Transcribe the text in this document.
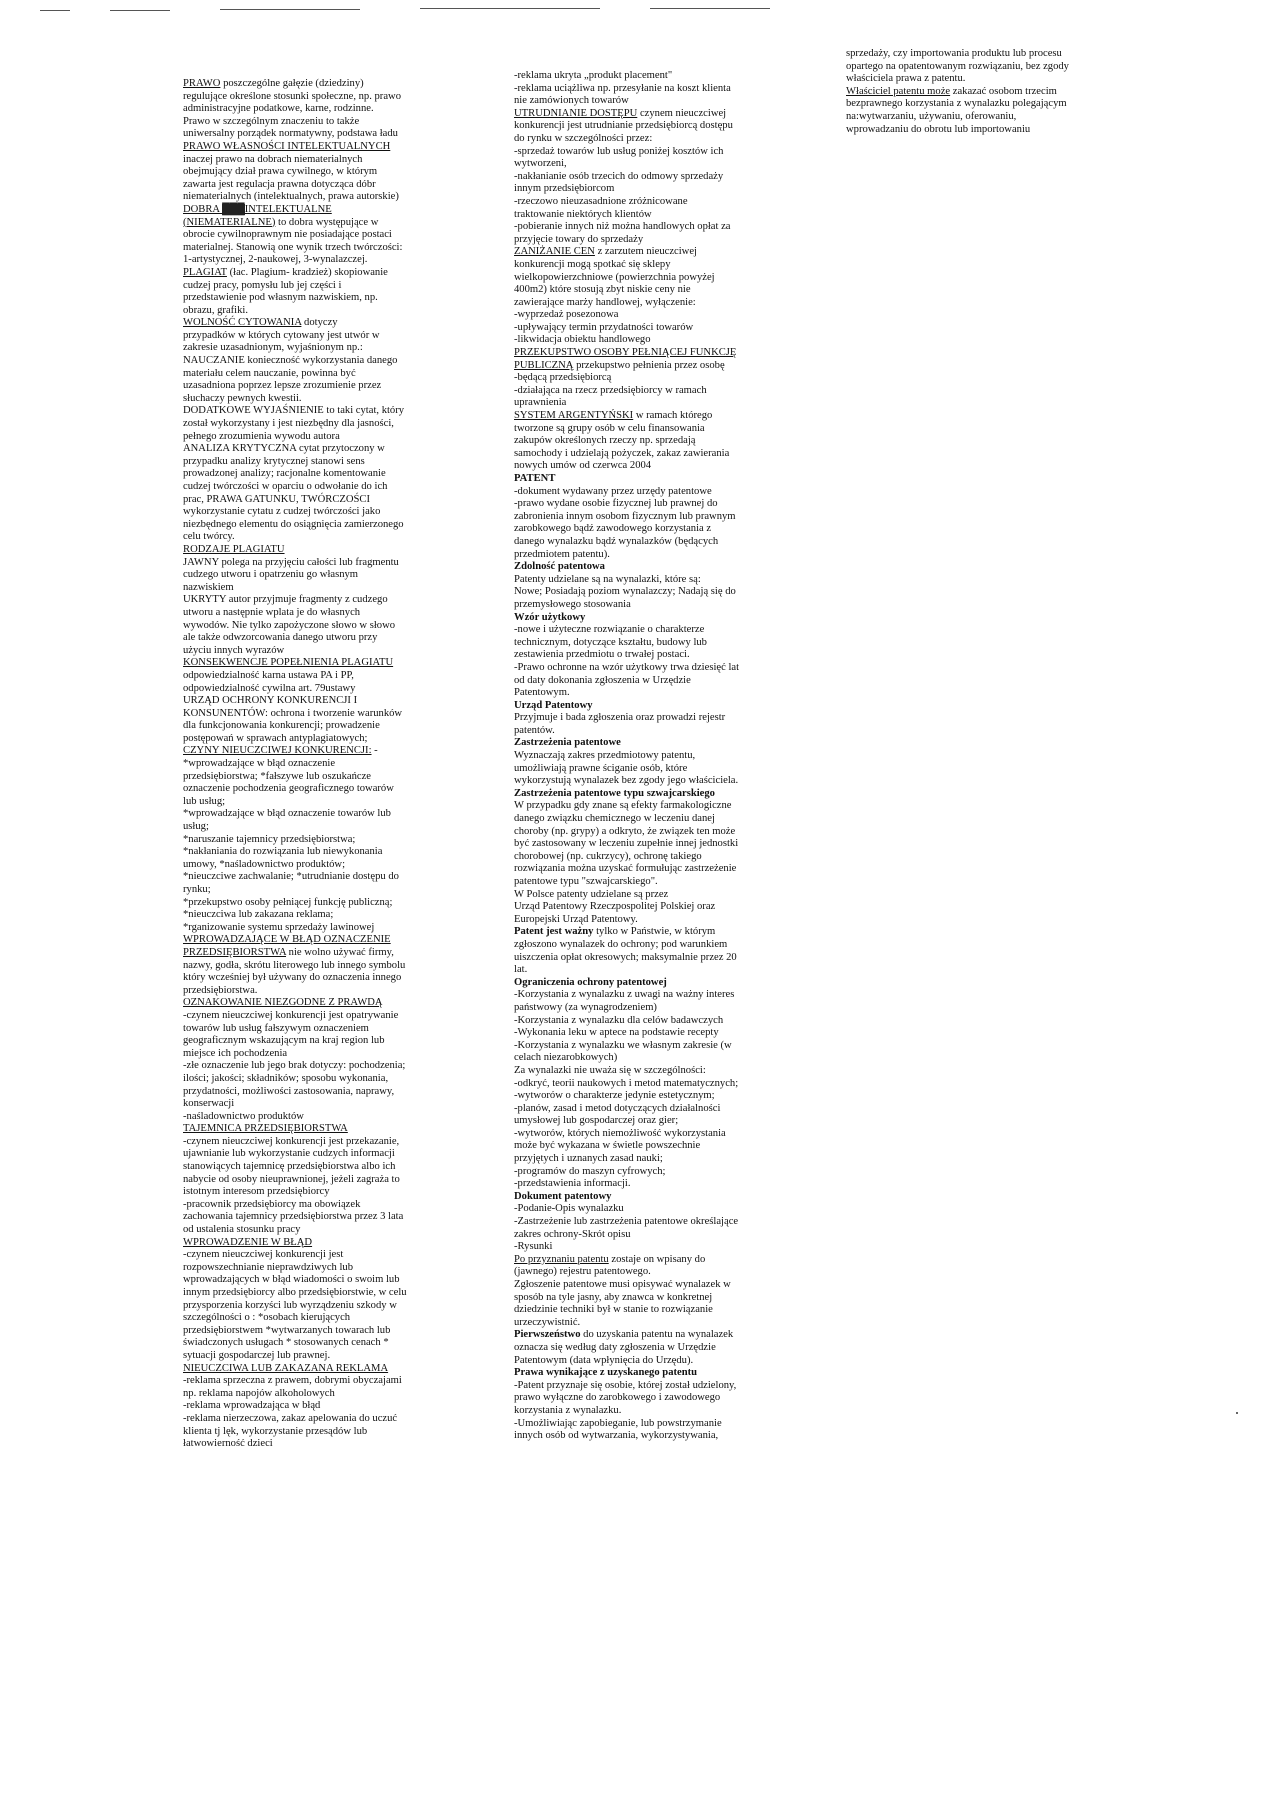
PRAWO poszczególne gałęzie (dziedziny)

regulujące określone stosunki społeczne, np. prawo

administracyjne podatkowe, karne, rodzinne.

Prawo w szczególnym znaczeniu to także

uniwersalny porządek normatywny, podstawa ładu

PRAWO WŁASNOŚCI INTELEKTUALNYCH

inaczej prawo na dobrach niematerialnych

obejmujący dział prawa cywilnego, w którym

zawarta jest regulacja prawna dotycząca dóbr

niematerialnych (intelektualnych, prawa autorskie)

DOBRA ███INTELEKTUALNE

(NIEMATERIALNE) to dobra występujące w

obrocie cywilnoprawnym nie posiadające postaci

materialnej. Stanowią one wynik trzech twórczości:

1-artystycznej, 2-naukowej, 3-wynalazczej.

PLAGIAT (łac. Plagium- kradzież) skopiowanie

cudzej pracy, pomysłu lub jej części i

przedstawienie pod własnym nazwiskiem, np.

obrazu, grafiki.

WOLNOŚĆ CYTOWANIA dotyczy

przypadków w których cytowany jest utwór w

zakresie uzasadnionym, wyjaśnionym np.:

NAUCZANIE konieczność wykorzystania danego

materiału celem nauczanie, powinna być

uzasadniona poprzez lepsze zrozumienie przez

słuchaczy pewnych kwestii.

DODATKOWE WYJAŚNIENIE to taki cytat, który

został wykorzystany i jest niezbędny dla jasności,

pełnego zrozumienia wywodu autora

ANALIZA KRYTYCZNA cytat przytoczony w

przypadku analizy krytycznej stanowi sens

prowadzonej analizy; racjonalne komentowanie

cudzej twórczości w oparciu o odwołanie do ich

prac, PRAWA GATUNKU, TWÓRCZOŚCI

wykorzystanie cytatu z cudzej twórczości jako

niezbędnego elementu do osiągnięcia zamierzonego

celu twórcy.

RODZAJE PLAGIATU

JAWNY polega na przyjęciu całości lub fragmentu

cudzego utworu i opatrzeniu go własnym

nazwiskiem

UKRYTY autor przyjmuje fragmenty z cudzego

utworu a następnie wplata je do własnych

wywodów. Nie tylko zapożyczone słowo w słowo

ale także odwzorcowania danego utworu przy

użyciu innych wyrazów

KONSEKWENCJE POPEŁNIENIA PLAGIATU

odpowiedzialność karna ustawa PA i PP,

odpowiedzialność cywilna art. 79ustawy

URZĄD OCHRONY KONKURENCJI I

KONSUNENTÓW: ochrona i tworzenie warunków

dla funkcjonowania konkurencji; prowadzenie

postępowań w sprawach antyplagiatowych;

CZYNY NIEUCZCIWEJ KONKURENCJI: -

*wprowadzające w błąd oznaczenie

przedsiębiorstwa; *fałszywe lub oszukańcze

oznaczenie pochodzenia geograficznego towarów

lub usług;

*wprowadzające w błąd oznaczenie towarów lub

usług;

*naruszanie tajemnicy przedsiębiorstwa;

*nakłaniania do rozwiązania lub niewykonania

umowy, *naśladownictwo produktów;

*nieuczciwe zachwalanie; *utrudnianie dostępu do

rynku;

*przekupstwo osoby pełniącej funkcję publiczną;

*nieuczciwa lub zakazana reklama;

*rganizowanie systemu sprzedaży lawinowej

WPROWADZAJĄCE W BŁĄD OZNACZENIE

PRZEDSIĘBIORSTWA nie wolno używać firmy,

nazwy, godła, skrótu literowego lub innego symbolu

który wcześniej był używany do oznaczenia innego

przedsiębiorstwa.

OZNAKOWANIE NIEZGODNE Z PRAWDĄ

-czynem nieuczciwej konkurencji jest opatrywanie

towarów lub usług fałszywym oznaczeniem

geograficznym wskazującym na kraj region lub

miejsce ich pochodzenia

-złe oznaczenie lub jego brak dotyczy: pochodzenia;

ilości; jakości; składników; sposobu wykonania,

przydatności, możliwości zastosowania, naprawy,

konserwacji

-naśladownictwo produktów

TAJEMNICA PRZEDSIĘBIORSTWA

-czynem nieuczciwej konkurencji jest przekazanie,

ujawnianie lub wykorzystanie cudzych informacji

stanowiących tajemnicę przedsiębiorstwa albo ich

nabycie od osoby nieuprawnionej, jeżeli zagraża to

istotnym interesom przedsiębiorcy

-pracownik przedsiębiorcy ma obowiązek

zachowania tajemnicy przedsiębiorstwa przez 3 lata

od ustalenia stosunku pracy

WPROWADZENIE W BŁĄD

-czynem nieuczciwej konkurencji jest

rozpowszechnianie nieprawdziwych lub

wprowadzających w błąd wiadomości o swoim lub

innym przedsiębiorcy albo przedsiębiorstwie, w celu

przysporzenia korzyści lub wyrządzeniu szkody w

szczególności o : *osobach kierujących

przedsiębiorstwem *wytwarzanych towarach lub

świadczonych usługach * stosowanych cenach *

sytuacji gospodarczej lub prawnej.

NIEUCZCIWA LUB ZAKAZANA REKLAMA

-reklama sprzeczna z prawem, dobrymi obyczajami

np. reklama napojów alkoholowych

-reklama wprowadzająca w błąd

-reklama nierzeczowa, zakaz apelowania do uczuć

klienta tj lęk, wykorzystanie przesądów lub

łatwowierność dzieci

-reklama ukryta „produkt placement"

-reklama uciążliwa np. przesyłanie na koszt klienta

nie zamówionych towarów

UTRUDNIANIE DOSTĘPU czynem nieuczciwej

konkurencji jest utrudnianie przedsiębiorcą dostępu

do rynku w szczególności przez:

-sprzedaż towarów lub usług poniżej kosztów ich

wytworzeni,

-nakłanianie osób trzecich do odmowy sprzedaży

innym przedsiębiorcom

-rzeczowo nieuzasadnione zróżnicowane

traktowanie niektórych klientów

-pobieranie innych niż można handlowych opłat za

przyjęcie towary do sprzedaży

ZANIŻANIE CEN z zarzutem nieuczciwej

konkurencji mogą spotkać się sklepy

wielkopowierzchniowe (powierzchnia powyżej

400m2) które stosują zbyt niskie ceny nie

zawierające marży handlowej, wyłączenie:

-wyprzedaż posezonowa

-upływający termin przydatności towarów

-likwidacja obiektu handlowego

PRZEKUPSTWO OSOBY PEŁNIĄCEJ FUNKCJĘ

PUBLICZNĄ przekupstwo pełnienia przez osobę

-będącą przedsiębiorcą

-działająca na rzecz przedsiębiorcy w ramach

uprawnienia

SYSTEM ARGENTYŃSKI w ramach którego

tworzone są grupy osób w celu finansowania

zakupów określonych rzeczy np. sprzedają

samochody i udzielają pożyczek, zakaz zawierania

nowych umów od czerwca 2004

PATENT

-dokument wydawany przez urzędy patentowe

-prawo wydane osobie fizycznej lub prawnej do

zabronienia innym osobom fizycznym lub prawnym

zarobkowego bądź zawodowego korzystania z

danego wynalazku bądź wynalazków (będących

przedmiotem patentu).

Zdolność patentowa

Patenty udzielane są na wynalazki, które są:

Nowe; Posiadają poziom wynalazczy; Nadają się do

przemysłowego stosowania

Wzór użytkowy

-nowe i użyteczne rozwiązanie o charakterze

technicznym, dotyczące kształtu, budowy lub

zestawienia przedmiotu o trwałej postaci.

-Prawo ochronne na wzór użytkowy trwa dziesięć lat

od daty dokonania zgłoszenia w Urzędzie

Patentowym.

Urząd Patentowy

Przyjmuje i bada zgłoszenia oraz prowadzi rejestr

patentów.

Zastrzeżenia patentowe

Wyznaczają zakres przedmiotowy patentu,

umożliwiają prawne ściganie osób, które

wykorzystują wynalazek bez zgody jego właściciela.

Zastrzeżenia patentowe typu szwajcarskiego

W przypadku gdy znane są efekty farmakologiczne

danego związku chemicznego w leczeniu danej

choroby (np. grypy) a odkryto, że związek ten może

być zastosowany w leczeniu zupełnie innej jednostki

chorobowej (np. cukrzycy), ochronę takiego

rozwiązania można uzyskać formułując zastrzeżenie

patentowe typu "szwajcarskiego".

W Polsce patenty udzielane są przez

Urząd Patentowy Rzeczpospolitej Polskiej oraz

Europejski Urząd Patentowy.

Patent jest ważny tylko w Państwie, w którym

zgłoszono wynalazek do ochrony; pod warunkiem

uiszczenia opłat okresowych; maksymalnie przez 20

lat.

Ograniczenia ochrony patentowej

-Korzystania z wynalazku z uwagi na ważny interes

państwowy (za wynagrodzeniem)

-Korzystania z wynalazku dla celów badawczych

-Wykonania leku w aptece na podstawie recepty

-Korzystania z wynalazku we własnym zakresie (w

celach niezarobkowych)

Za wynalazki nie uważa się w szczególności:

-odkryć, teorii naukowych i metod matematycznych;

-wytworów o charakterze jedynie estetycznym;

-planów, zasad i metod dotyczących działalności

umysłowej lub gospodarczej oraz gier;

-wytworów, których niemożliwość wykorzystania

może być wykazana w świetle powszechnie

przyjętych i uznanych zasad nauki;

-programów do maszyn cyfrowych;

-przedstawienia informacji.

Dokument patentowy

-Podanie-Opis wynalazku

-Zastrzeżenie lub zastrzeżenia patentowe określające

zakres ochrony-Skrót opisu

-Rysunki

Po przyznaniu patentu zostaje on wpisany do

(jawnego) rejestru patentowego.

Zgłoszenie patentowe musi opisywać wynalazek w

sposób na tyle jasny, aby znawca w konkretnej

dziedzinie techniki był w stanie to rozwiązanie

urzeczywistnić.

Pierwszeństwo do uzyskania patentu na wynalazek

oznacza się według daty zgłoszenia w Urzędzie

Patentowym (data wpłynięcia do Urzędu).

Prawa wynikające z uzyskanego patentu

-Patent przyznaje się osobie, której został udzielony,

prawo wyłączne do zarobkowego i zawodowego

korzystania z wynalazku.

-Umożliwiając zapobieganie, lub powstrzymanie

innych osób od wytwarzania, wykorzystywania,

sprzedaży, czy importowania produktu lub procesu

opartego na opatentowanym rozwiązaniu, bez zgody

właściciela prawa z patentu.

Właściciel patentu może zakazać osobom trzecim

bezprawnego korzystania z wynalazku polegającym

na:wytwarzaniu, używaniu, oferowaniu,

wprowadzaniu do obrotu lub importowaniu
